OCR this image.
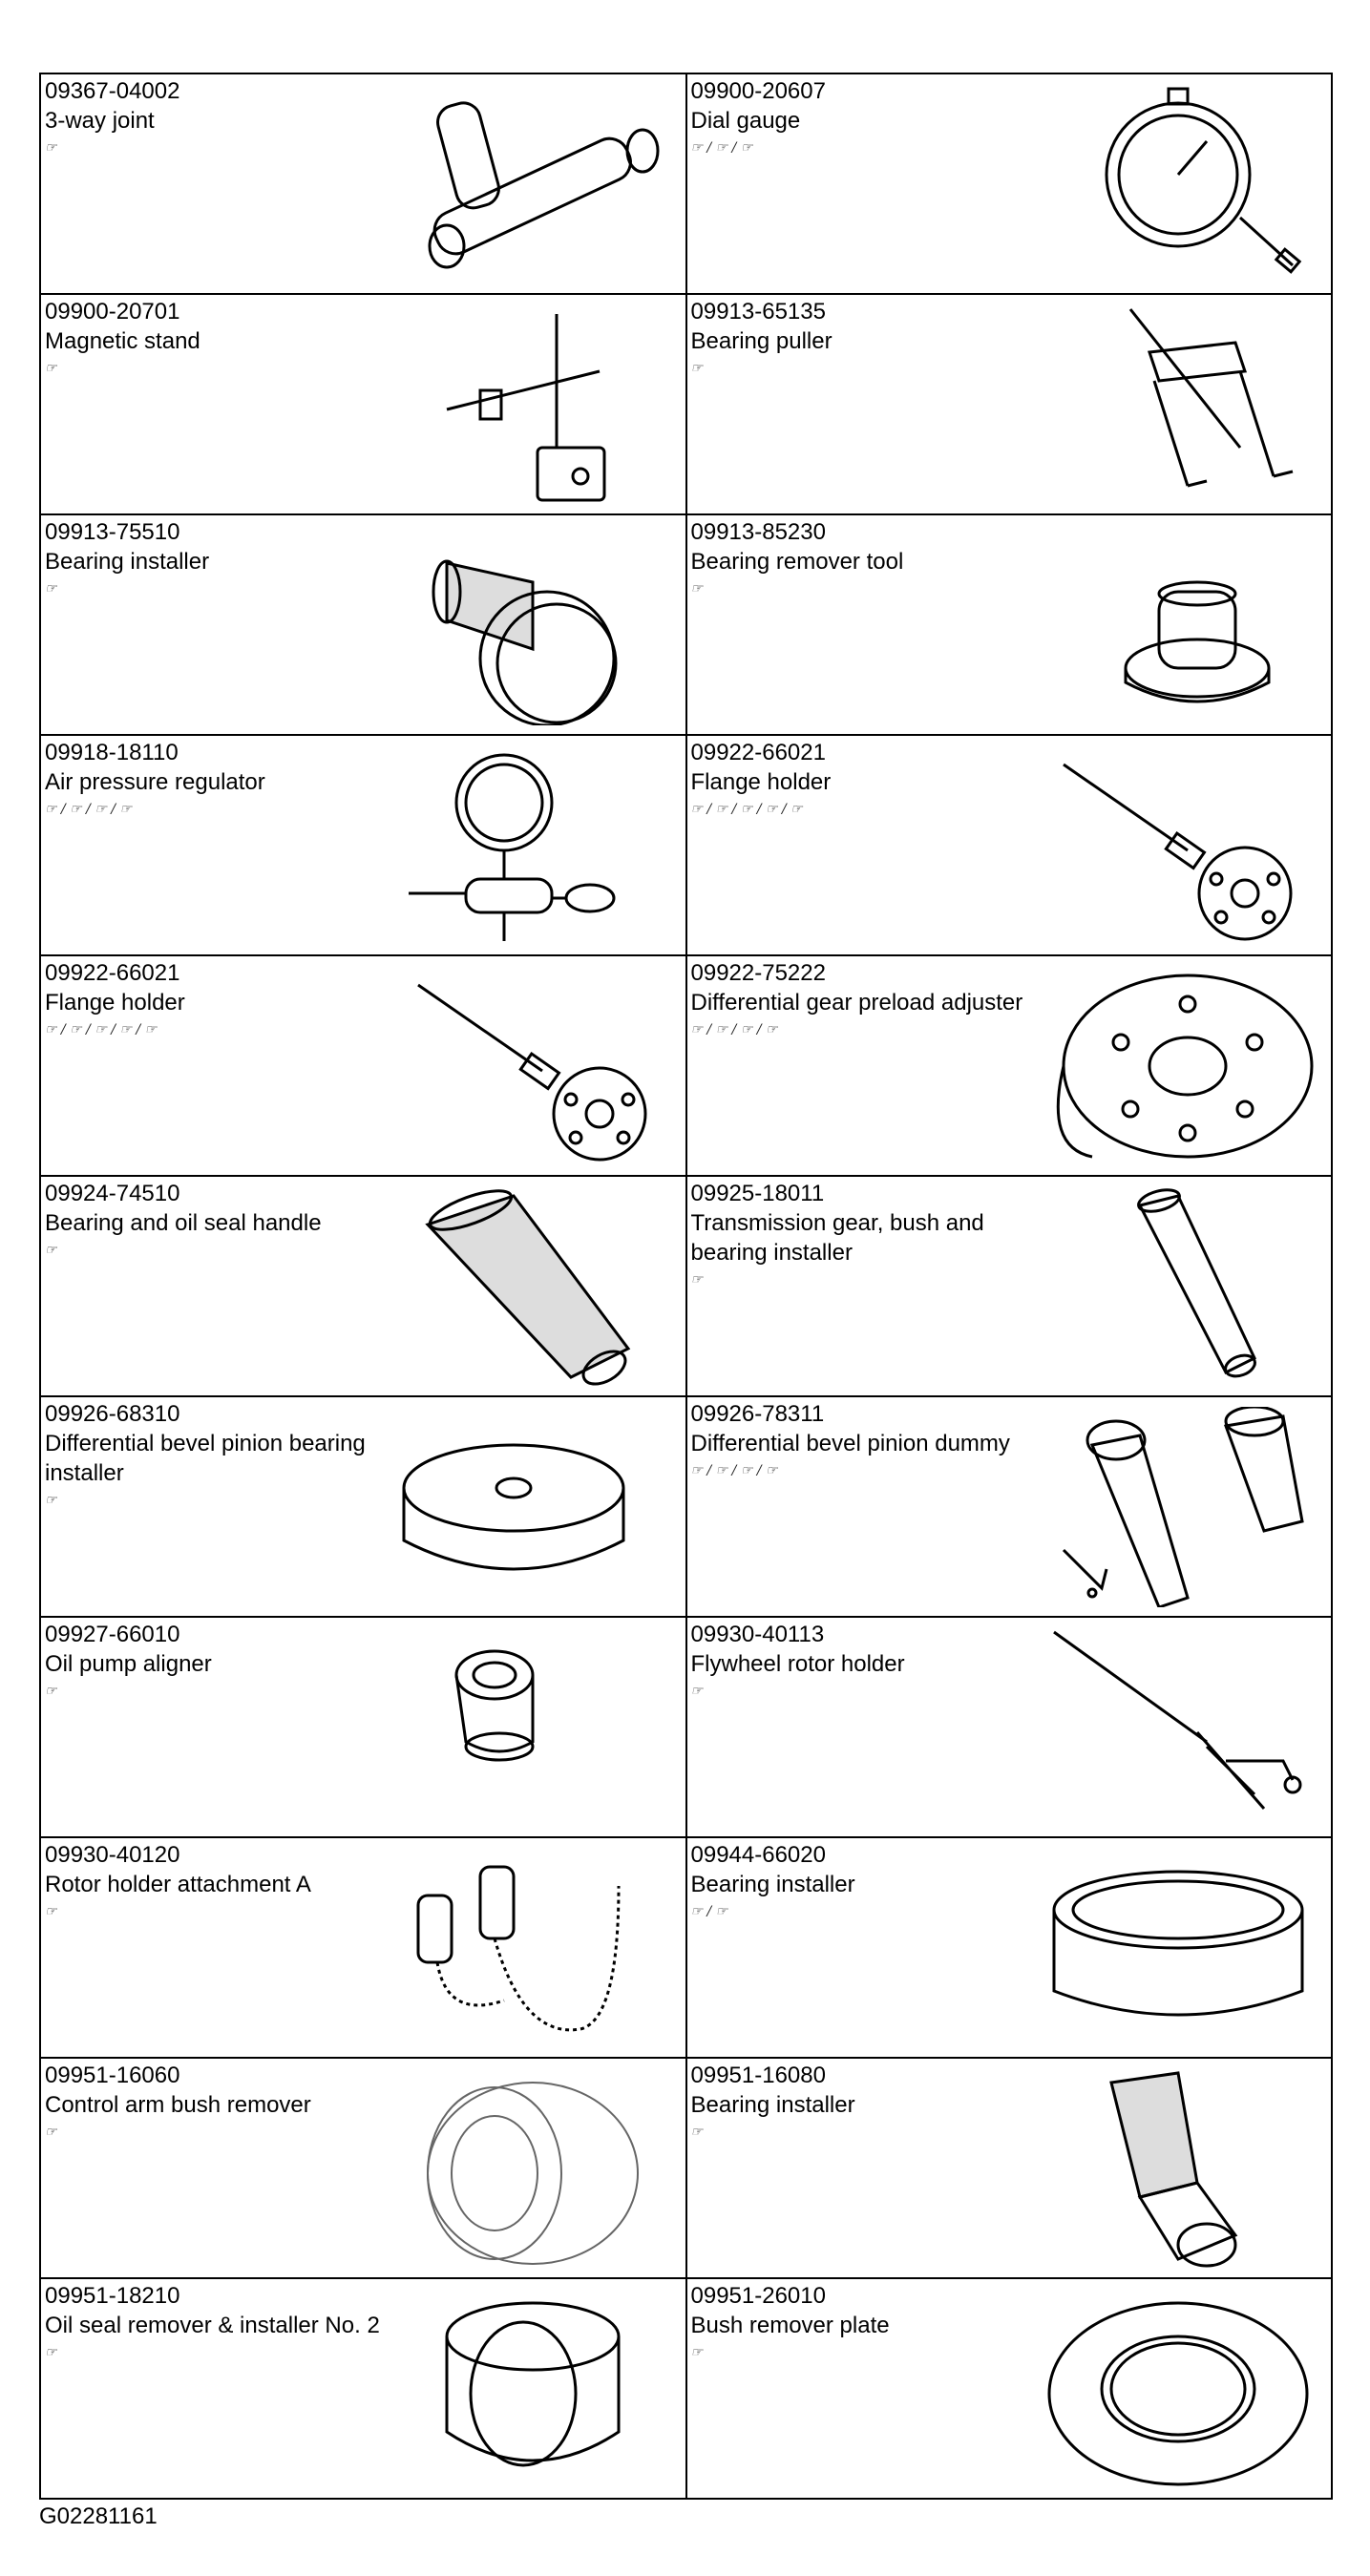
09367-04002
3-way joint
☞	09900-20607
Dial gauge
☞ / ☞ / ☞

09900-20701
Magnetic stand
☞	09913-65135
Bearing puller
☞

09913-75510
Bearing installer
☞	09913-85230
Bearing remover tool
☞

09918-18110
Air pressure regulator
☞ / ☞ / ☞ / ☞	09922-66021
Flange holder
☞ / ☞ / ☞ / ☞ / ☞

09922-66021
Flange holder
☞ / ☞ / ☞ / ☞ / ☞	09922-75222
Differential gear preload adjuster
☞ / ☞ / ☞ / ☞

09924-74510
Bearing and oil seal handle
☞	09925-18011
Transmission gear, bush and bearing installer
☞

09926-68310
Differential bevel pinion bearing installer
☞	09926-78311
Differential bevel pinion dummy
☞ / ☞ / ☞ / ☞

09927-66010
Oil pump aligner
☞	09930-40113
Flywheel rotor holder
☞

09930-40120
Rotor holder attachment A
☞	09944-66020
Bearing installer
☞ / ☞

09951-16060
Control arm bush remover
☞	09951-16080
Bearing installer
☞

09951-18210
Oil seal remover & installer No. 2
☞	09951-26010
Bush remover plate
☞
G02281161
